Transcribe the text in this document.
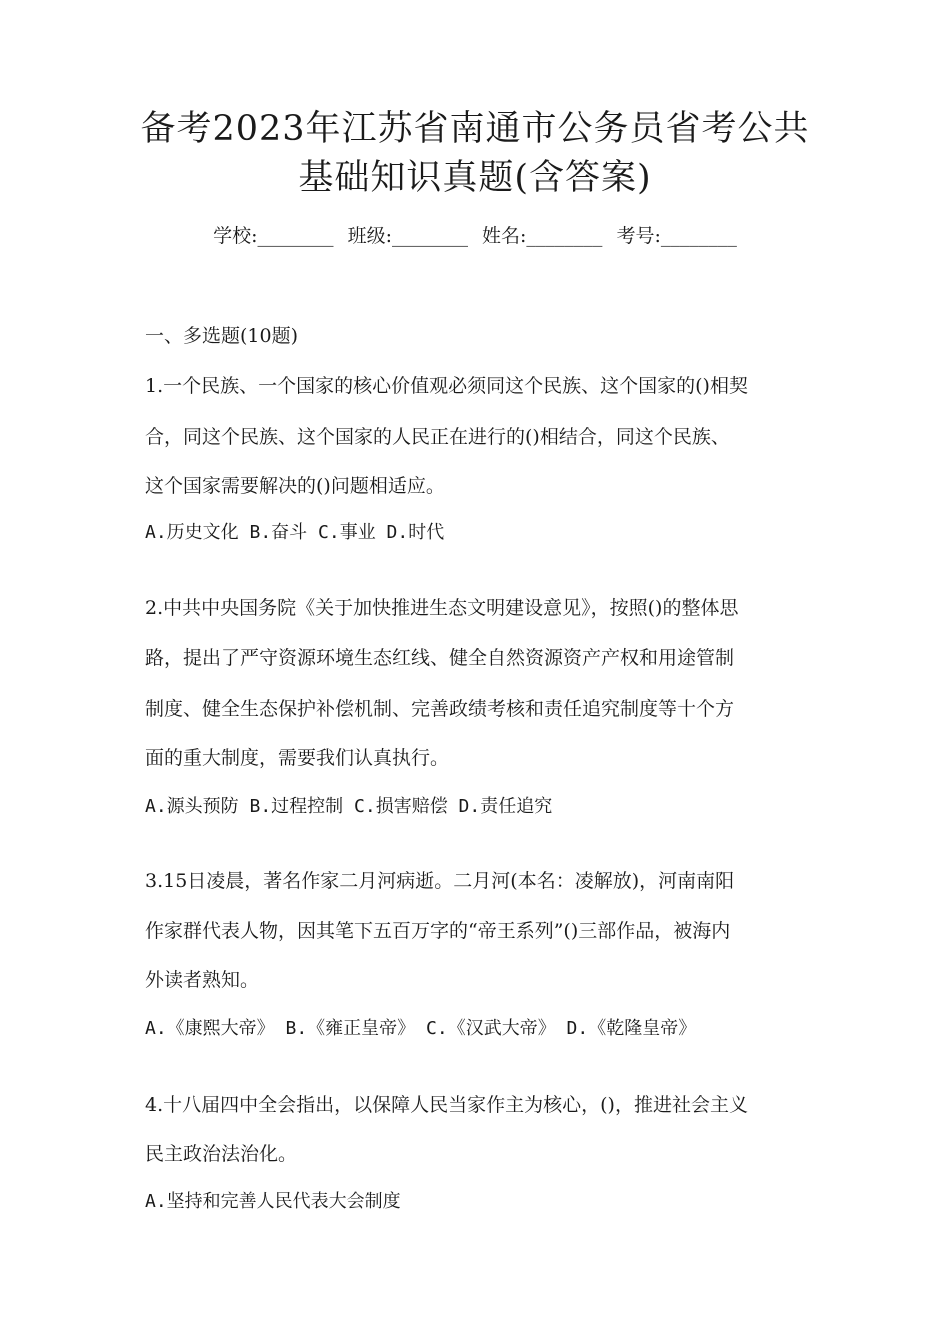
备考2023年江苏省南通市公务员省考公共
基础知识真题(含答案)
学校:________ 班级:________ 姓名:________ 考号:________
一、多选题(10题)
1.一个民族、一个国家的核心价值观必须同这个民族、这个国家的()相契
合，同这个民族、这个国家的人民正在进行的()相结合，同这个民族、
这个国家需要解决的()问题相适应。
A.历史文化 B.奋斗 C.事业 D.时代
2.中共中央国务院《关于加快推进生态文明建设意见》，按照()的整体思
路，提出了严守资源环境生态红线、健全自然资源资产产权和用途管制
制度、健全生态保护补偿机制、完善政绩考核和责任追究制度等十个方
面的重大制度，需要我们认真执行。
A.源头预防 B.过程控制 C.损害赔偿 D.责任追究
3.15日凌晨，著名作家二月河病逝。二月河(本名：凌解放)，河南南阳
作家群代表人物，因其笔下五百万字的“帝王系列”()三部作品，被海内
外读者熟知。
A.《康熙大帝》 B.《雍正皇帝》 C.《汉武大帝》 D.《乾隆皇帝》
4.十八届四中全会指出，以保障人民当家作主为核心，()，推进社会主义
民主政治法治化。
A.坚持和完善人民代表大会制度
